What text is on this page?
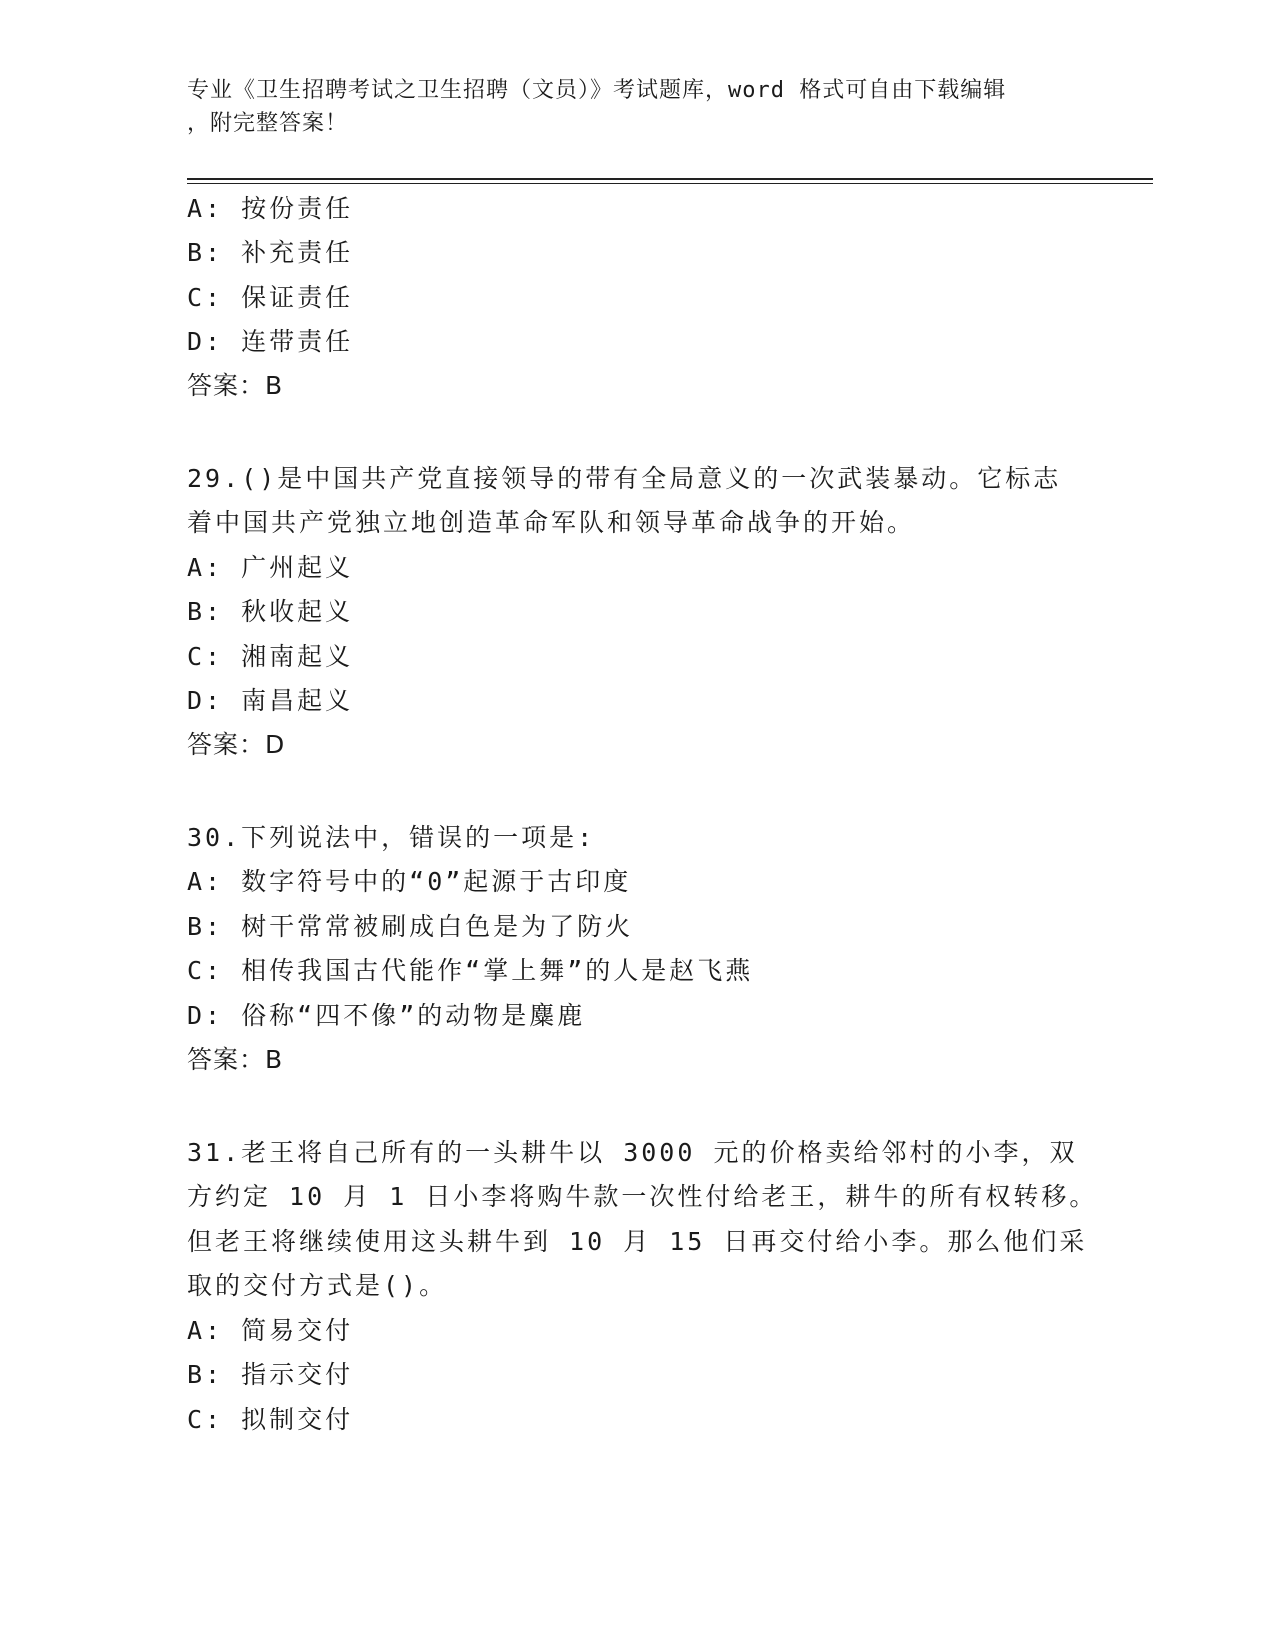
专业《卫生招聘考试之卫生招聘（文员）》考试题库，word 格式可自由下载编辑
，附完整答案！
A: 按份责任
B: 补充责任
C: 保证责任
D: 连带责任
答案：B
29.()是中国共产党直接领导的带有全局意义的一次武装暴动。它标志
着中国共产党独立地创造革命军队和领导革命战争的开始。
A: 广州起义
B: 秋收起义
C: 湘南起义
D: 南昌起义
答案：D
30.下列说法中，错误的一项是:
A: 数字符号中的“0”起源于古印度
B: 树干常常被刷成白色是为了防火
C: 相传我国古代能作“掌上舞”的人是赵飞燕
D: 俗称“四不像”的动物是麋鹿
答案：B
31.老王将自己所有的一头耕牛以 3000 元的价格卖给邻村的小李，双
方约定 10 月 1 日小李将购牛款一次性付给老王，耕牛的所有权转移。
但老王将继续使用这头耕牛到 10 月 15 日再交付给小李。那么他们采
取的交付方式是()。
A: 简易交付
B: 指示交付
C: 拟制交付
